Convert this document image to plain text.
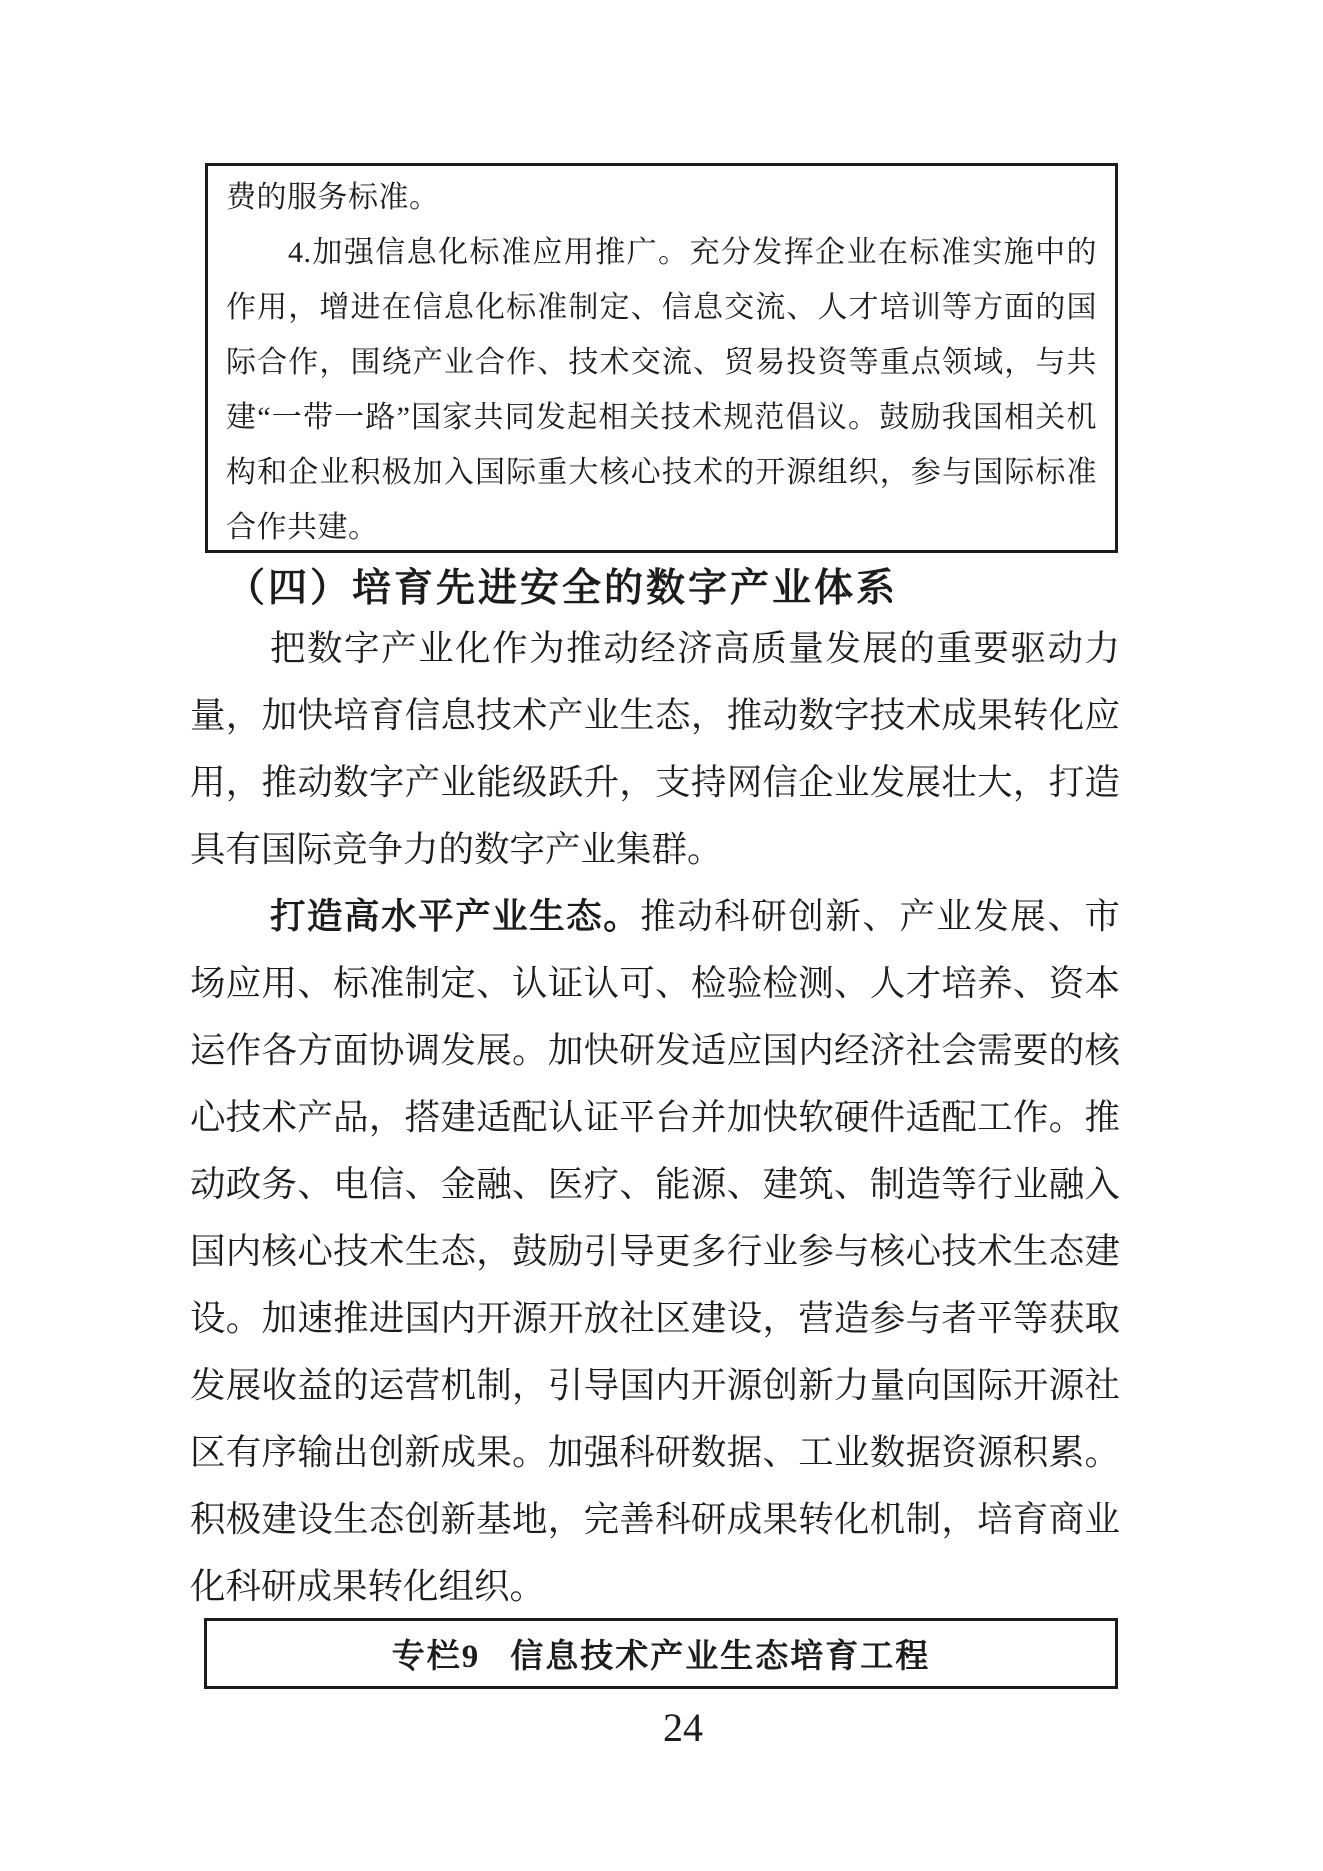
费的服务标准。

4.加强信息化标准应用推广。充分发挥企业在标准实施中的作用，增进在信息化标准制定、信息交流、人才培训等方面的国际合作，围绕产业合作、技术交流、贸易投资等重点领域，与共建“一带一路”国家共同发起相关技术规范倡议。鼓励我国相关机构和企业积极加入国际重大核心技术的开源组织，参与国际标准合作共建。

（四）培育先进安全的数字产业体系

把数字产业化作为推动经济高质量发展的重要驱动力量，加快培育信息技术产业生态，推动数字技术成果转化应用，推动数字产业能级跃升，支持网信企业发展壮大，打造具有国际竞争力的数字产业集群。

打造高水平产业生态。推动科研创新、产业发展、市场应用、标准制定、认证认可、检验检测、人才培养、资本运作各方面协调发展。加快研发适应国内经济社会需要的核心技术产品，搭建适配认证平台并加快软硬件适配工作。推动政务、电信、金融、医疗、能源、建筑、制造等行业融入国内核心技术生态，鼓励引导更多行业参与核心技术生态建设。加速推进国内开源开放社区建设，营造参与者平等获取发展收益的运营机制，引导国内开源创新力量向国际开源社区有序输出创新成果。加强科研数据、工业数据资源积累。积极建设生态创新基地，完善科研成果转化机制，培育商业化科研成果转化组织。

专栏9 信息技术产业生态培育工程
24
